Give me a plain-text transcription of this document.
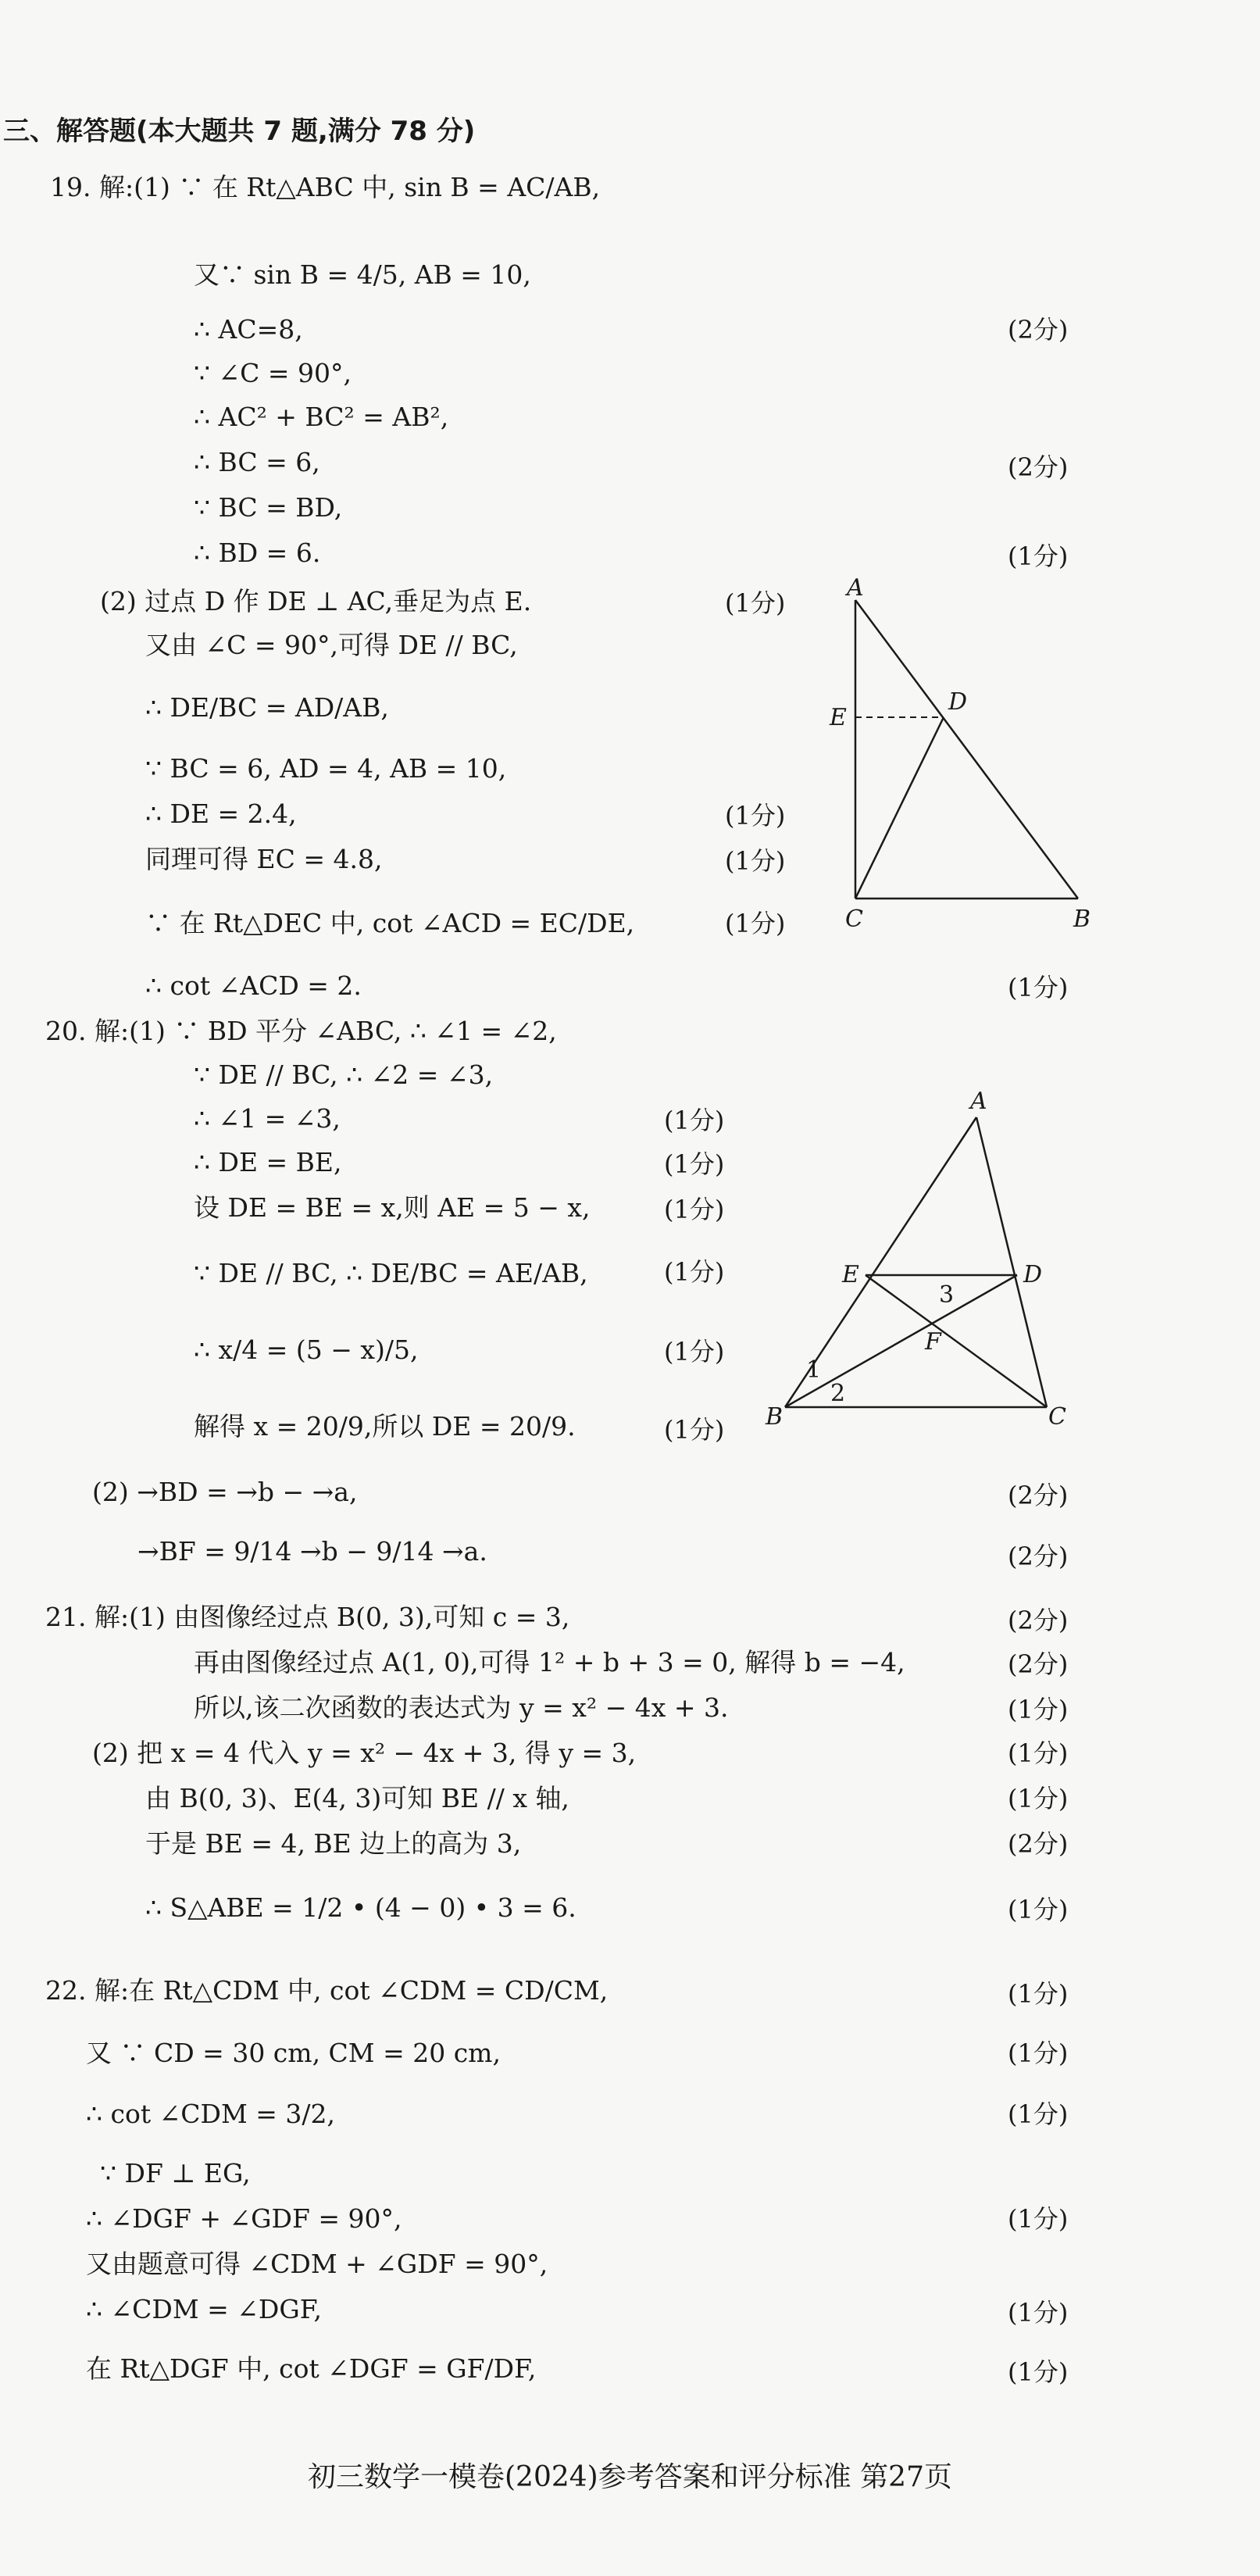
三、解答题(本大题共 7 题,满分 78 分)
19. 解:(1) ∵ 在 Rt△ABC 中, sin B = AC/AB,
又∵ sin B = 4/5, AB = 10,
∴ AC=8,
∵ ∠C = 90°,
∴ AC² + BC² = AB²,
∴ BC = 6,
∵ BC = BD,
∴ BD = 6.
(2) 过点 D 作 DE ⊥ AC,垂足为点 E.
又由 ∠C = 90°,可得 DE // BC,
∴ DE/BC = AD/AB,
∵ BC = 6, AD = 4, AB = 10,
∴ DE = 2.4,
同理可得 EC = 4.8,
∵ 在 Rt△DEC 中, cot ∠ACD = EC/DE,
∴ cot ∠ACD = 2.
(2分)
(2分)
(1分)
(1分)
(1分)
(1分)
(1分)
(1分)
A
E
D
C	B
20. 解:(1) ∵ BD 平分 ∠ABC, ∴ ∠1 = ∠2,
∵ DE // BC, ∴ ∠2 = ∠3,
∴ ∠1 = ∠3,
∴ DE = BE,
设 DE = BE = x,则 AE = 5 − x,
∵ DE // BC, ∴ DE/BC = AE/AB,
∴ x/4 = (5 − x)/5,
解得 x = 20/9,所以 DE = 20/9.
(2) →BD = →b − →a,
→BF = 9/14 →b − 9/14 →a.
(1分)
(1分)
(1分)
(1分)
(1分)
(1分)
(2分)
(2分)
A
E	D
F
B	C
3
1
2
21. 解:(1) 由图像经过点 B(0, 3),可知 c = 3,
再由图像经过点 A(1, 0),可得 1² + b + 3 = 0, 解得 b = −4,
所以,该二次函数的表达式为 y = x² − 4x + 3.
(2) 把 x = 4 代入 y = x² − 4x + 3, 得 y = 3,
由 B(0, 3)、E(4, 3)可知 BE // x 轴,
于是 BE = 4, BE 边上的高为 3,
∴ S△ABE = 1/2 • (4 − 0) • 3 = 6.
(2分)
(2分)
(1分)
(1分)
(1分)
(2分)
(1分)
22. 解:在 Rt△CDM 中, cot ∠CDM = CD/CM,
又 ∵ CD = 30 cm, CM = 20 cm,
∴ cot ∠CDM = 3/2,
∵ DF ⊥ EG,
∴ ∠DGF + ∠GDF = 90°,
又由题意可得 ∠CDM + ∠GDF = 90°,
∴ ∠CDM = ∠DGF,
在 Rt△DGF 中, cot ∠DGF = GF/DF,
(1分)
(1分)
(1分)
(1分)
(1分)
(1分)
初三数学一模卷(2024)参考答案和评分标准 第27页
